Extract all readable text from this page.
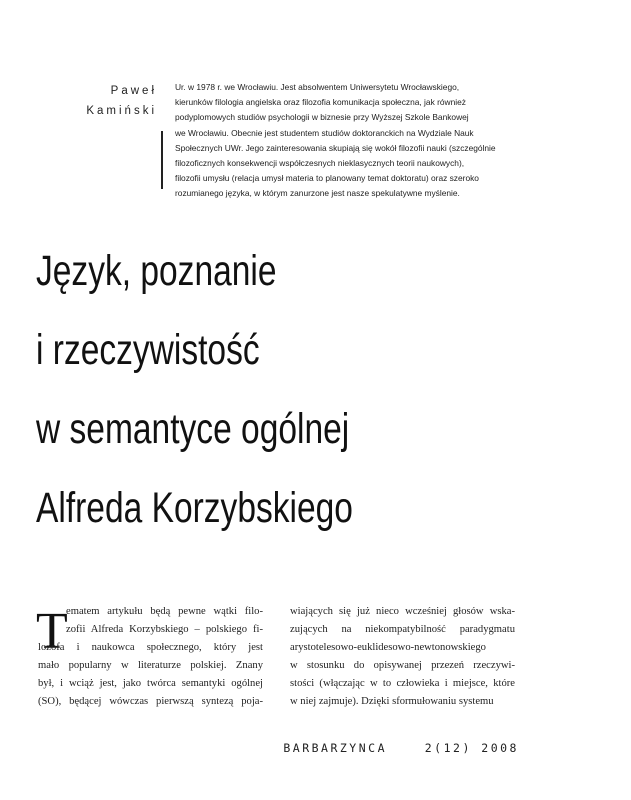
Paweł
Kamiński
Ur. w 1978 r. we Wrocławiu. Jest absolwentem Uniwersytetu Wrocławskiego,
kierunków filologia angielska oraz filozofia komunikacja społeczna, jak również
podyplomowych studiów psychologii w biznesie przy Wyższej Szkole Bankowej
we Wrocławiu. Obecnie jest studentem studiów doktoranckich na Wydziale Nauk
Społecznych UWr. Jego zainteresowania skupiają się wokół filozofii nauki (szczególnie
filozoficznych konsekwencji współczesnych nieklasycznych teorii naukowych),
filozofii umysłu (relacja umysł materia to planowany temat doktoratu) oraz szeroko
rozumianego języka, w którym zanurzone jest nasze spekulatywne myślenie.
Język, poznanie
i rzeczywistość
w semantyce ogólnej
Alfreda Korzybskiego
T
ematem artykułu będą pewne wątki filo-
zofii Alfreda Korzybskiego – polskiego fi-
lozofa i naukowca społecznego, który jest
mało popularny w literaturze polskiej. Znany
był, i wciąż jest, jako twórca semantyki ogólnej
(SO), będącej wówczas pierwszą syntezą poja-
wiających się już nieco wcześniej głosów wska-
zujących na niekompatybilność paradygmatu
arystotelesowo-euklidesowo-newtonowskiego
w stosunku do opisywanej przezeń rzeczywi-
stości (włączając w to człowieka i miejsce, które
w niej zajmuje). Dzięki sformułowaniu systemu
BARBARZYNCA	2(12) 2008
